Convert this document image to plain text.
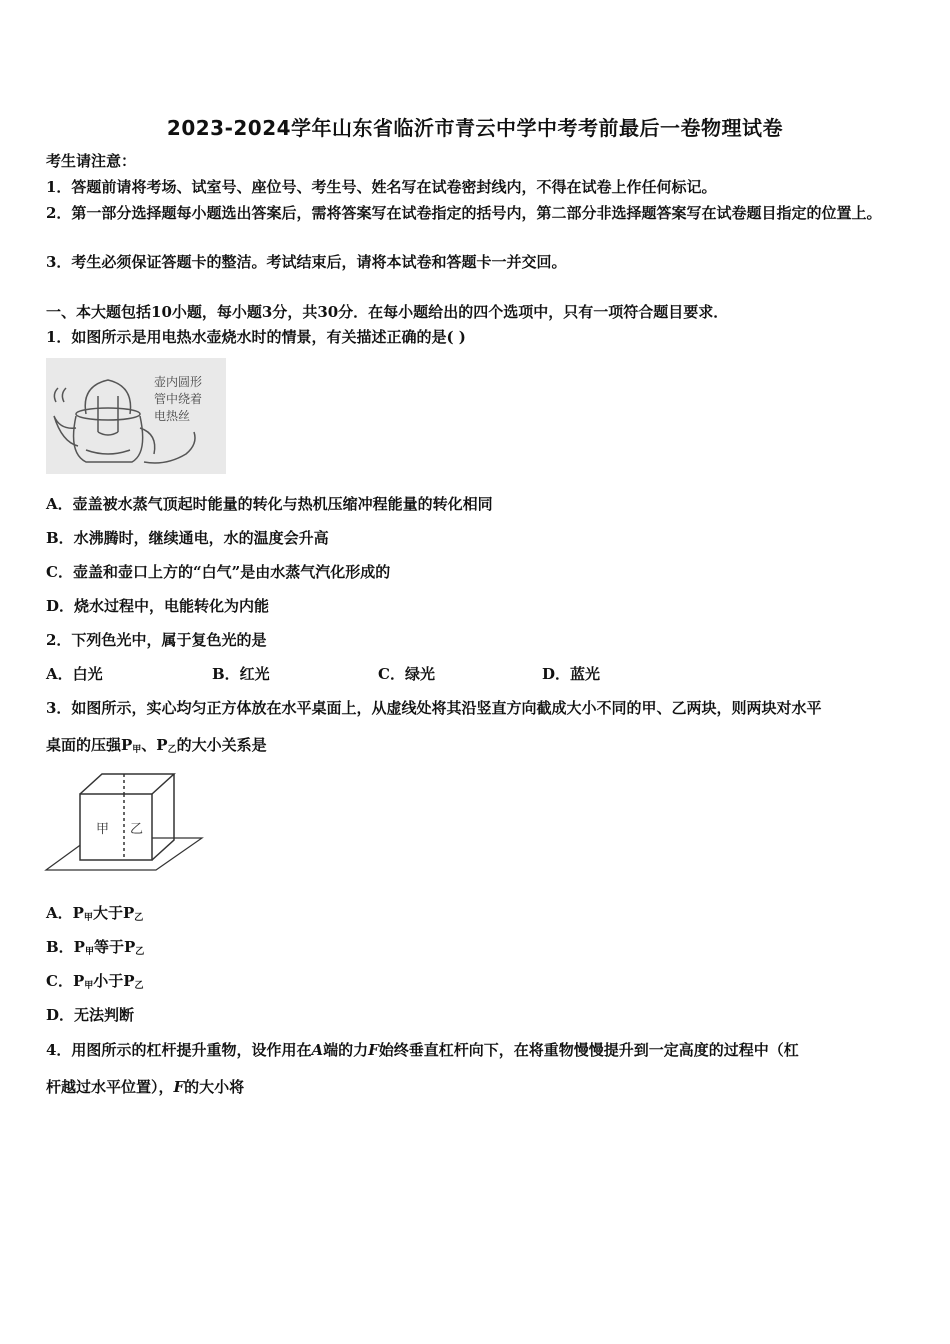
2023-2024学年山东省临沂市青云中学中考考前最后一卷物理试卷
考生请注意：
1．答题前请将考场、试室号、座位号、考生号、姓名写在试卷密封线内，不得在试卷上作任何标记。
2．第一部分选择题每小题选出答案后，需将答案写在试卷指定的括号内，第二部分非选择题答案写在试卷题目指定的位置上。
3．考生必须保证答题卡的整洁。考试结束后，请将本试卷和答题卡一并交回。
一、本大题包括10小题，每小题3分，共30分．在每小题给出的四个选项中，只有一项符合题目要求．
1．如图所示是用电热水壶烧水时的情景，有关描述正确的是( )
壶内圆形
管中绕着
电热丝
A．壶盖被水蒸气顶起时能量的转化与热机压缩冲程能量的转化相同
B．水沸腾时，继续通电，水的温度会升高
C．壶盖和壶口上方的“白气”是由水蒸气汽化形成的
D．烧水过程中，电能转化为内能
2．下列色光中，属于复色光的是
A．白光	B．红光	C．绿光	D．蓝光
3．如图所示，实心均匀正方体放在水平桌面上，从虚线处将其沿竖直方向截成大小不同的甲、乙两块，则两块对水平
桌面的压强$P_甲$、$P_乙$的大小关系是
甲 乙
A．$P_甲$大于$P_乙$
B．$P_甲$等于$P_乙$
C．$P_甲$小于$P_乙$
D．无法判断
4．用图所示的杠杆提升重物，设作用在A端的力F始终垂直杠杆向下，在将重物慢慢提升到一定高度的过程中（杠
杆越过水平位置），F的大小将
